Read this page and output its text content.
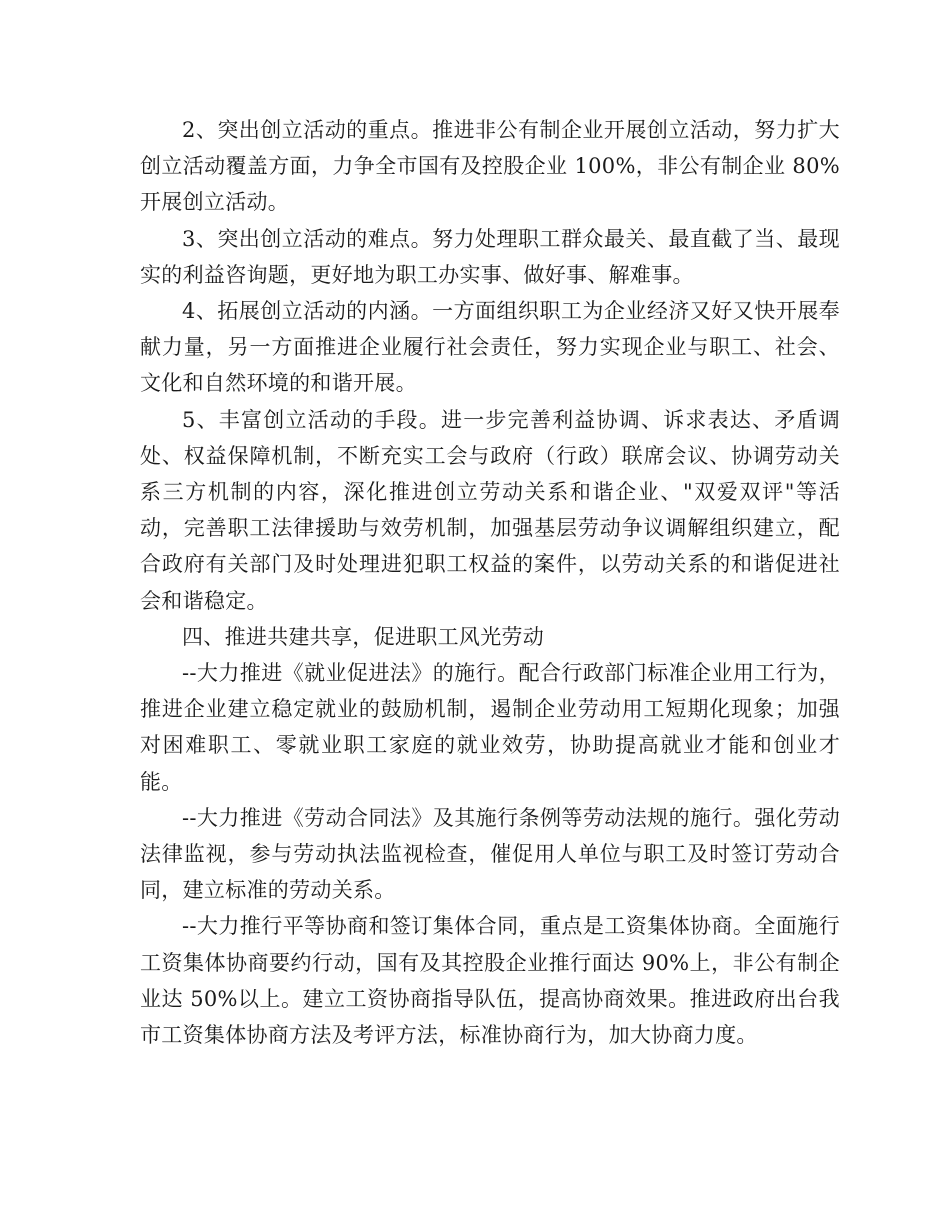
2、突出创立活动的重点。推进非公有制企业开展创立活动，努力扩大创立活动覆盖方面，力争全市国有及控股企业 100%，非公有制企业 80%开展创立活动。

3、突出创立活动的难点。努力处理职工群众最关、最直截了当、最现实的利益咨询题，更好地为职工办实事、做好事、解难事。

4、拓展创立活动的内涵。一方面组织职工为企业经济又好又快开展奉献力量，另一方面推进企业履行社会责任，努力实现企业与职工、社会、文化和自然环境的和谐开展。

5、丰富创立活动的手段。进一步完善利益协调、诉求表达、矛盾调处、权益保障机制，不断充实工会与政府（行政）联席会议、协调劳动关系三方机制的内容，深化推进创立劳动关系和谐企业、"双爱双评"等活动，完善职工法律援助与效劳机制，加强基层劳动争议调解组织建立，配合政府有关部门及时处理进犯职工权益的案件，以劳动关系的和谐促进社会和谐稳定。

四、推进共建共享，促进职工风光劳动

--大力推进《就业促进法》的施行。配合行政部门标准企业用工行为，推进企业建立稳定就业的鼓励机制，遏制企业劳动用工短期化现象；加强对困难职工、零就业职工家庭的就业效劳，协助提高就业才能和创业才能。

--大力推进《劳动合同法》及其施行条例等劳动法规的施行。强化劳动法律监视，参与劳动执法监视检查，催促用人单位与职工及时签订劳动合同，建立标准的劳动关系。

--大力推行平等协商和签订集体合同，重点是工资集体协商。全面施行工资集体协商要约行动，国有及其控股企业推行面达 90%上，非公有制企业达 50%以上。建立工资协商指导队伍，提高协商效果。推进政府出台我市工资集体协商方法及考评方法，标准协商行为，加大协商力度。
